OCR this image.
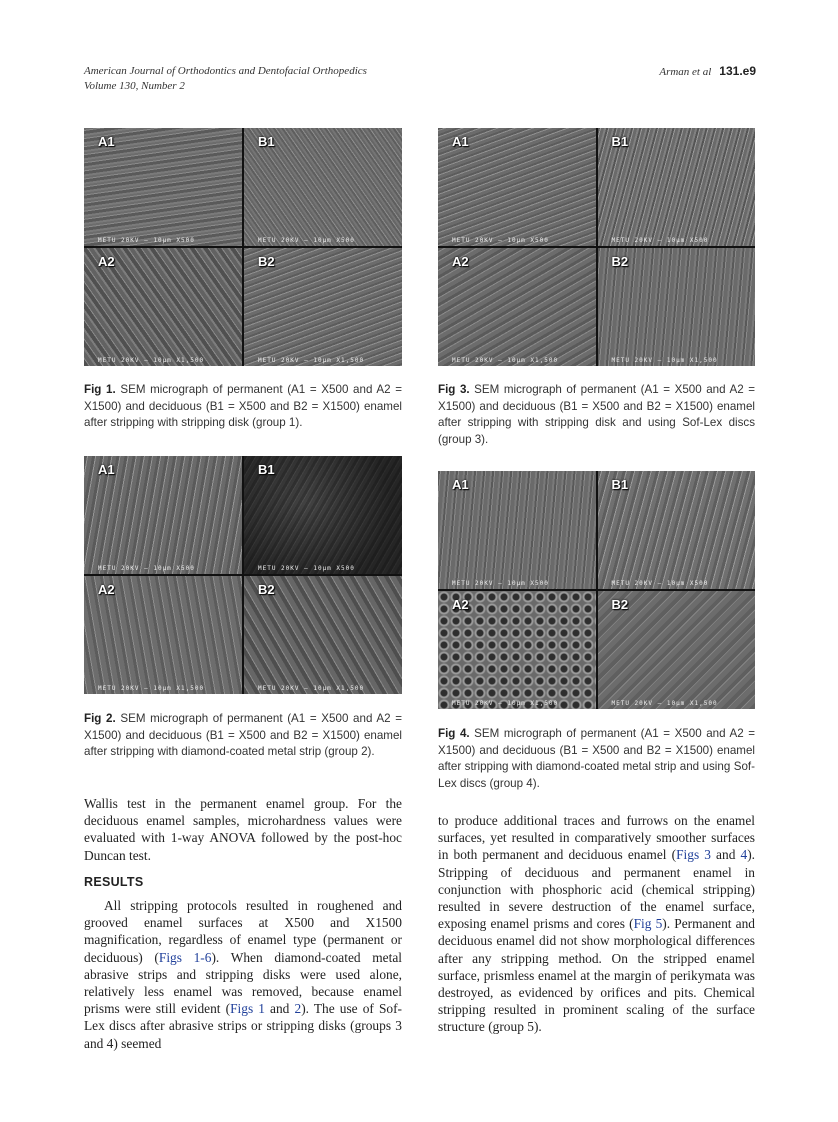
American Journal of Orthodontics and Dentofacial Orthopedics
Volume 130, Number 2
Arman et al 131.e9
A1
METU 20KV — 10μm X500
B1
METU 20KV — 10μm X500
A2
METU 20KV — 10μm X1,500
B2
METU 20KV — 10μm X1,500
Fig 1. SEM micrograph of permanent (A1 = X500 and A2 = X1500) and deciduous (B1 = X500 and B2 = X1500) enamel after stripping with stripping disk (group 1).
A1
METU 20KV — 10μm X500
B1
METU 20KV — 10μm X500
A2
METU 20KV — 10μm X1,500
B2
METU 20KV — 10μm X1,500
Fig 3. SEM micrograph of permanent (A1 = X500 and A2 = X1500) and deciduous (B1 = X500 and B2 = X1500) enamel after stripping with stripping disk and using Sof-Lex discs (group 3).
A1
METU 20KV — 10μm X500
B1
METU 20KV — 10μm X500
A2
METU 20KV — 10μm X1,500
B2
METU 20KV — 10μm X1,500
Fig 2. SEM micrograph of permanent (A1 = X500 and A2 = X1500) and deciduous (B1 = X500 and B2 = X1500) enamel after stripping with diamond-coated metal strip (group 2).
A1
METU 20KV — 10μm X500
B1
METU 20KV — 10μm X500
A2
METU 20KV — 10μm X1,500
B2
METU 20KV — 10μm X1,500
Fig 4. SEM micrograph of permanent (A1 = X500 and A2 = X1500) and deciduous (B1 = X500 and B2 = X1500) enamel after stripping with diamond-coated metal strip and using Sof-Lex discs (group 4).

Wallis test in the permanent enamel group. For the deciduous enamel samples, microhardness values were evaluated with 1-way ANOVA followed by the post-hoc Duncan test.

RESULTS

All stripping protocols resulted in roughened and grooved enamel surfaces at X500 and X1500 magnification, regardless of enamel type (permanent or deciduous) (Figs 1-6). When diamond-coated metal abrasive strips and stripping disks were used alone, relatively less enamel was removed, because enamel prisms were still evident (Figs 1 and 2). The use of Sof-Lex discs after abrasive strips or stripping disks (groups 3 and 4) seemed

to produce additional traces and furrows on the enamel surfaces, yet resulted in comparatively smoother surfaces in both permanent and deciduous enamel (Figs 3 and 4). Stripping of deciduous and permanent enamel in conjunction with phosphoric acid (chemical stripping) resulted in severe destruction of the enamel surface, exposing enamel prisms and cores (Fig 5). Permanent and deciduous enamel did not show morphological differences after any stripping method. On the stripped enamel surface, prismless enamel at the margin of perikymata was destroyed, as evidenced by orifices and pits. Chemical stripping resulted in prominent scaling of the surface structure (group 5).
